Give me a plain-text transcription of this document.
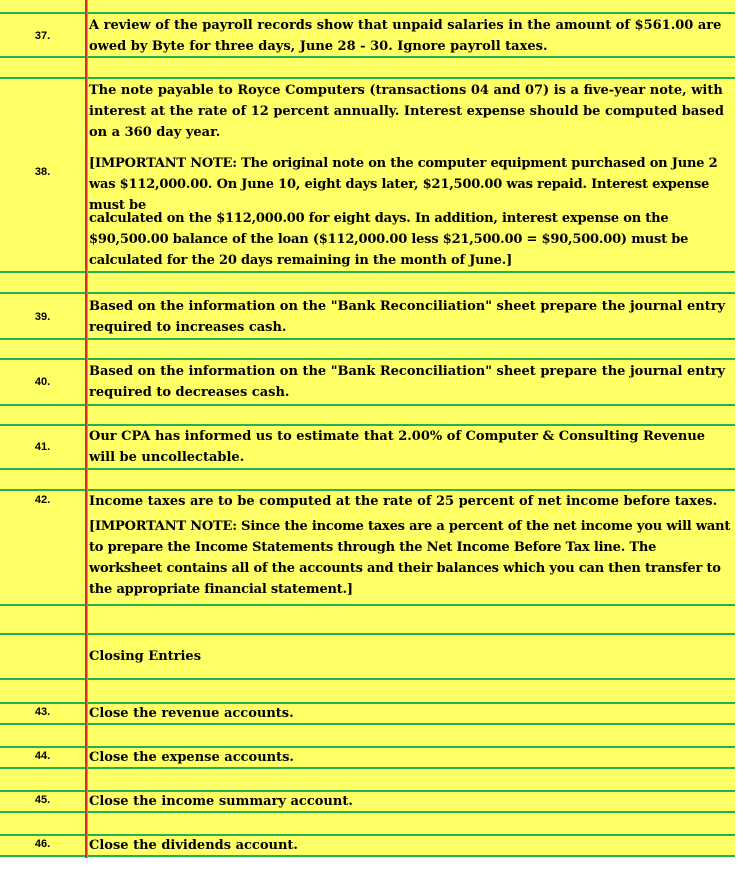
37.
A review of the payroll records show that unpaid salaries in the amount of $561.00 are owed by Byte for three days, June 28 - 30. Ignore payroll taxes.
38.
The note payable to Royce Computers (transactions 04 and 07) is a five-year note, with interest at the rate of 12 percent annually. Interest expense should be computed based on a 360 day year.
[IMPORTANT NOTE: The original note on the computer equipment purchased on June 2 was $112,000.00. On June 10, eight days later, $21,500.00 was repaid. Interest expense must be
calculated on the $112,000.00 for eight days. In addition, interest expense on the $90,500.00 balance of the loan ($112,000.00 less $21,500.00 = $90,500.00) must be calculated for the 20 days remaining in the month of June.]
39.
Based on the information on the "Bank Reconciliation" sheet prepare the journal entry required to increases cash.
40.
Based on the information on the "Bank Reconciliation" sheet prepare the journal entry required to decreases cash.
41.
Our CPA has informed us to estimate that 2.00% of Computer & Consulting Revenue will be uncollectable.
42.	Income taxes are to be computed at the rate of 25 percent of net income before taxes.
[IMPORTANT NOTE: Since the income taxes are a percent of the net income you will want to prepare the Income Statements through the Net Income Before Tax line. The worksheet contains all of the accounts and their balances which you can then transfer to the appropriate financial statement.]
Closing Entries
43.	Close the revenue accounts.
44.	Close the expense accounts.
45.	Close the income summary account.
46.	Close the dividends account.
